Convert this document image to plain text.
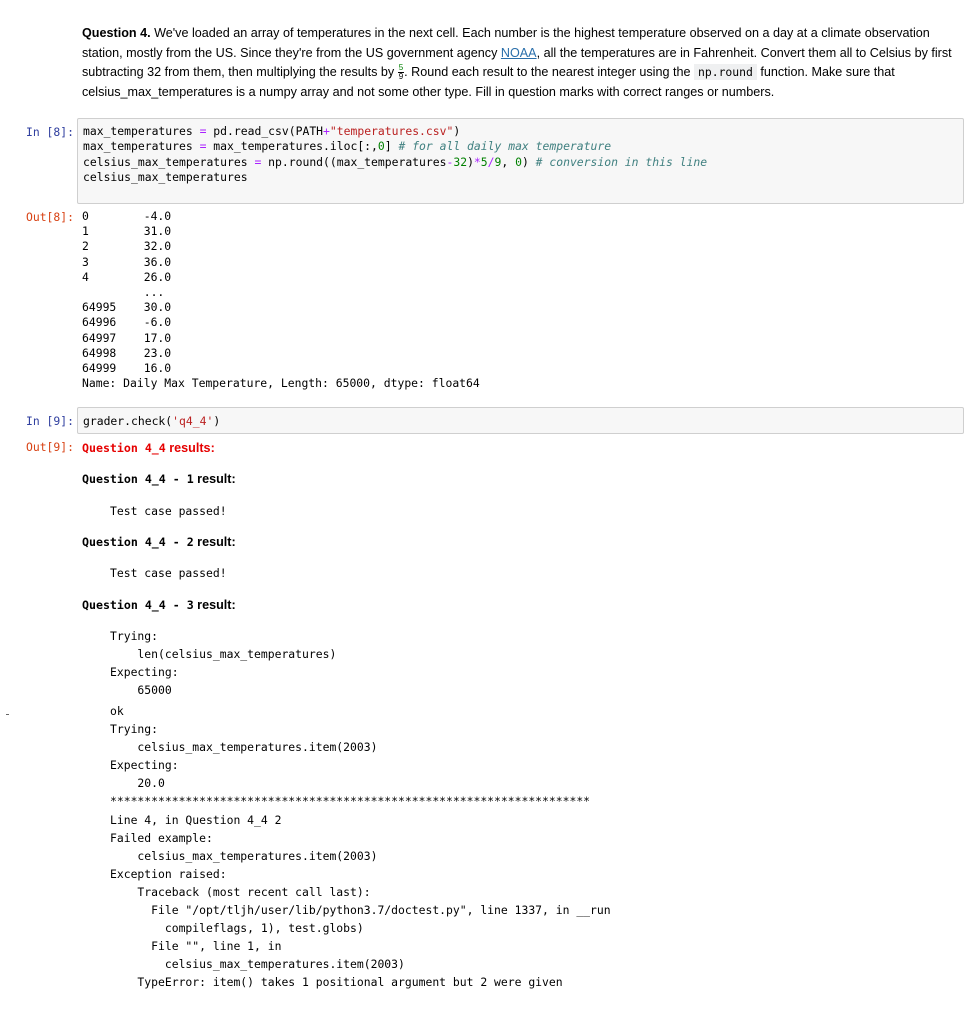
Question 4. We've loaded an array of temperatures in the next cell. Each number is the highest temperature observed on a day at a climate observation station, mostly from the US. Since they're from the US government agency NOAA, all the temperatures are in Fahrenheit. Convert them all to Celsius by first subtracting 32 from them, then multiplying the results by $\frac{5}{9}$ . Round each result to the nearest integer using the np.round function. Make sure that celsius_max_temperatures is a numpy array and not some other type. Fill in question marks with correct ranges or numbers.
In [8]: max_temperatures = pd.read_csv(PATH+"temperatures.csv")
max_temperatures = max_temperatures.iloc[:,0] # for all daily max temperature
celsius_max_temperatures = np.round((max_temperatures-32)*5/9, 0) # conversion in this line
celsius_max_temperatures
Out[8]: 0        -4.0
1        31.0
2        32.0
3        36.0
4        26.0
...
64995    30.0
64996    -6.0
64997    17.0
64998    23.0
64999    16.0
Name: Daily Max Temperature, Length: 65000, dtype: float64
In [9]: grader.check('q4_4')
Out[9]: Question 4_4 results:
Question 4_4 - 1 result:
Test case passed!
Question 4_4 - 2 result:
Test case passed!
Question 4_4 - 3 result:
Trying:
len(celsius_max_temperatures)
Expecting:
65000
ok
Trying:
celsius_max_temperatures.item(2003)
Expecting:
20.0
**********************************************************************
Line 4, in Question 4_4 2
Failed example:
celsius_max_temperatures.item(2003)
Exception raised:
Traceback (most recent call last):
File "/opt/tljh/user/lib/python3.7/doctest.py", line 1337, in __run
compileflags, 1), test.globs)
File "", line 1, in
celsius_max_temperatures.item(2003)
TypeError: item() takes 1 positional argument but 2 were given
